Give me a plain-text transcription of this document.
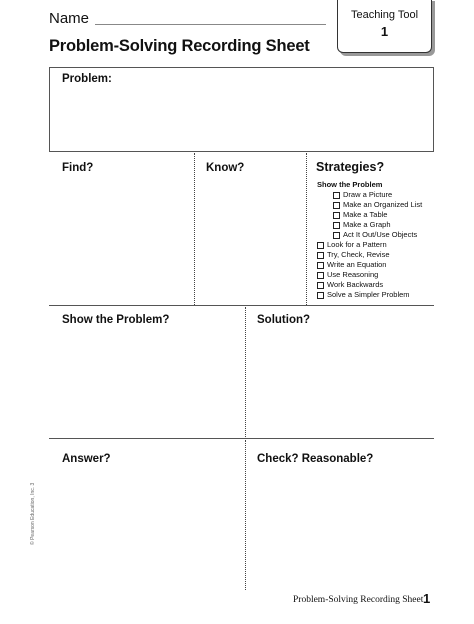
Name
Problem-Solving Recording Sheet
Teaching Tool
1
Problem:
Find?	Know?	Strategies?
Show the Problem?	Solution?
Answer?	Check? Reasonable?
Show the Problem
Draw a Picture
Make an Organized List
Make a Table
Make a Graph
Act It Out/Use Objects
Look for a Pattern
Try, Check, Revise
Write an Equation
Use Reasoning
Work Backwards
Solve a Simpler Problem
© Pearson Education, Inc. 3
Problem-Solving Recording Sheet 1
